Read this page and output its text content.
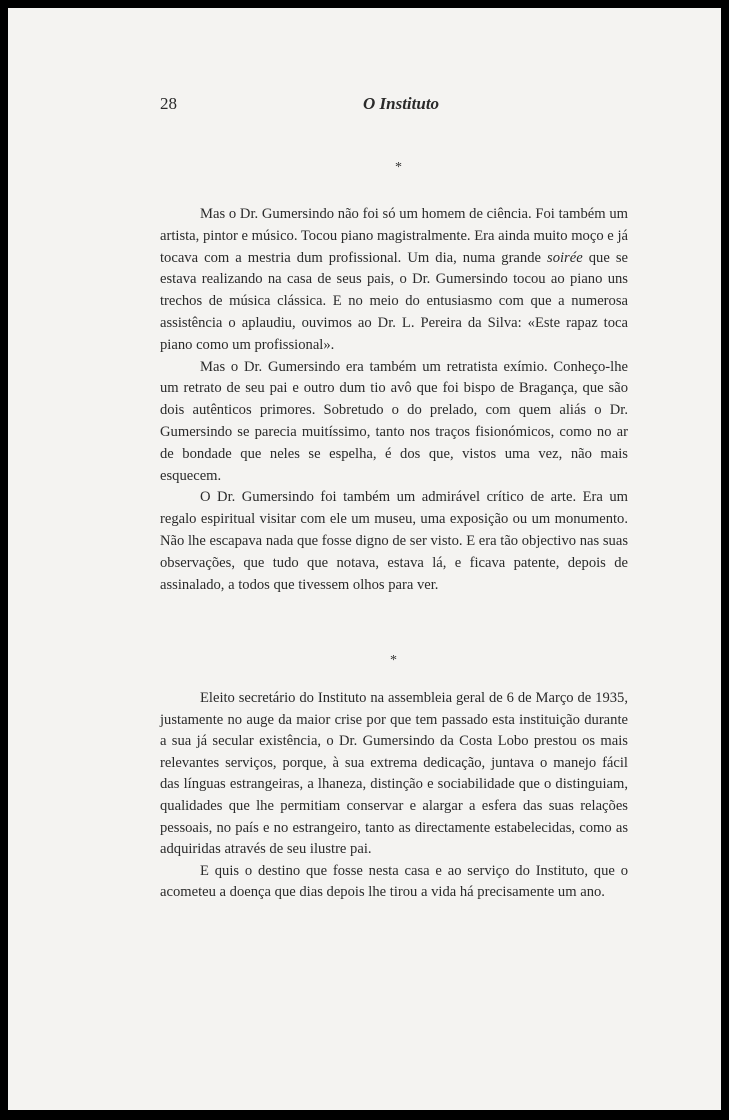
28	O Instituto
*

Mas o Dr. Gumersindo não foi só um homem de ciência. Foi também um artista, pintor e músico. Tocou piano magistralmente. Era ainda muito moço e já tocava com a mestria dum profissional. Um dia, numa grande soirée que se estava realizando na casa de seus pais, o Dr. Gumersindo tocou ao piano uns trechos de música clássica. E no meio do entusiasmo com que a numerosa assistência o aplaudiu, ouvimos ao Dr. L. Pereira da Silva: «Este rapaz toca piano como um profissional».

Mas o Dr. Gumersindo era também um retratista exímio. Conheço-lhe um retrato de seu pai e outro dum tio avô que foi bispo de Bragança, que são dois autênticos primores. Sobretudo o do prelado, com quem aliás o Dr. Gumersindo se parecia muitíssimo, tanto nos traços fisionómicos, como no ar de bondade que neles se espelha, é dos que, vistos uma vez, não mais esquecem.

O Dr. Gumersindo foi também um admirável crítico de arte. Era um regalo espiritual visitar com ele um museu, uma exposição ou um monumento. Não lhe escapava nada que fosse digno de ser visto. E era tão objectivo nas suas observações, que tudo que notava, estava lá, e ficava patente, depois de assinalado, a todos que tivessem olhos para ver.

*

Eleito secretário do Instituto na assembleia geral de 6 de Março de 1935, justamente no auge da maior crise por que tem passado esta instituição durante a sua já secular existência, o Dr. Gumersindo da Costa Lobo prestou os mais relevantes serviços, porque, à sua extrema dedicação, juntava o manejo fácil das línguas estrangeiras, a lhaneza, distinção e sociabilidade que o distinguiam, qualidades que lhe permitiam conservar e alargar a esfera das suas relações pessoais, no país e no estrangeiro, tanto as directamente estabelecidas, como as adquiridas através de seu ilustre pai.

E quis o destino que fosse nesta casa e ao serviço do Instituto, que o acometeu a doença que dias depois lhe tirou a vida há precisamente um ano.
